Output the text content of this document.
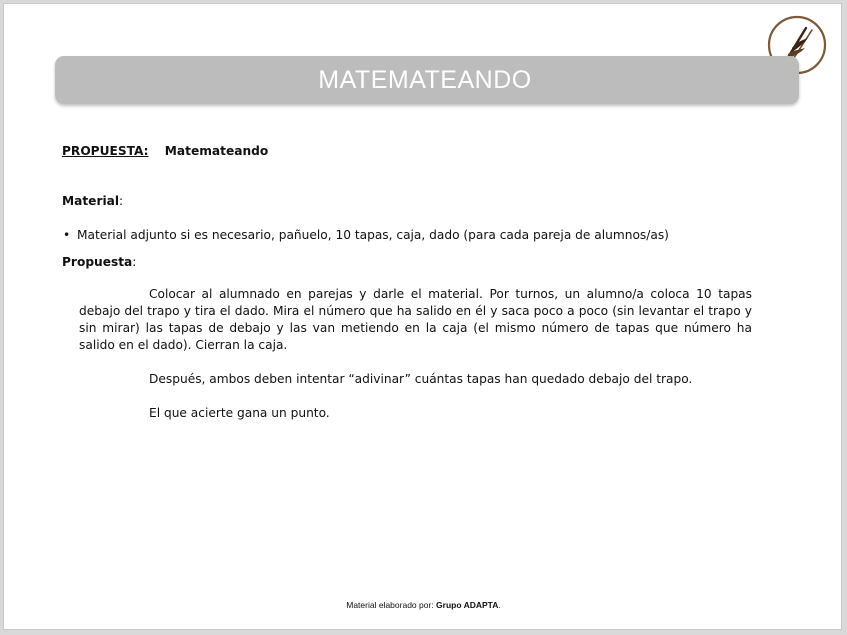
MATEMATEANDO

PROPUESTA: Matemateando

Material:

• Material adjunto si es necesario, pañuelo, 10 tapas, caja, dado (para cada pareja de alumnos/as)

Propuesta:

Colocar al alumnado en parejas y darle el material. Por turnos, un alumno/a coloca 10 tapas debajo del trapo y tira el dado. Mira el número que ha salido en él y saca poco a poco (sin levantar el trapo y sin mirar) las tapas de debajo y las van metiendo en la caja (el mismo número de tapas que número ha salido en el dado). Cierran la caja.

Después, ambos deben intentar “adivinar” cuántas tapas han quedado debajo del trapo.

El que acierte gana un punto.

Material elaborado por: Grupo ADAPTA.
